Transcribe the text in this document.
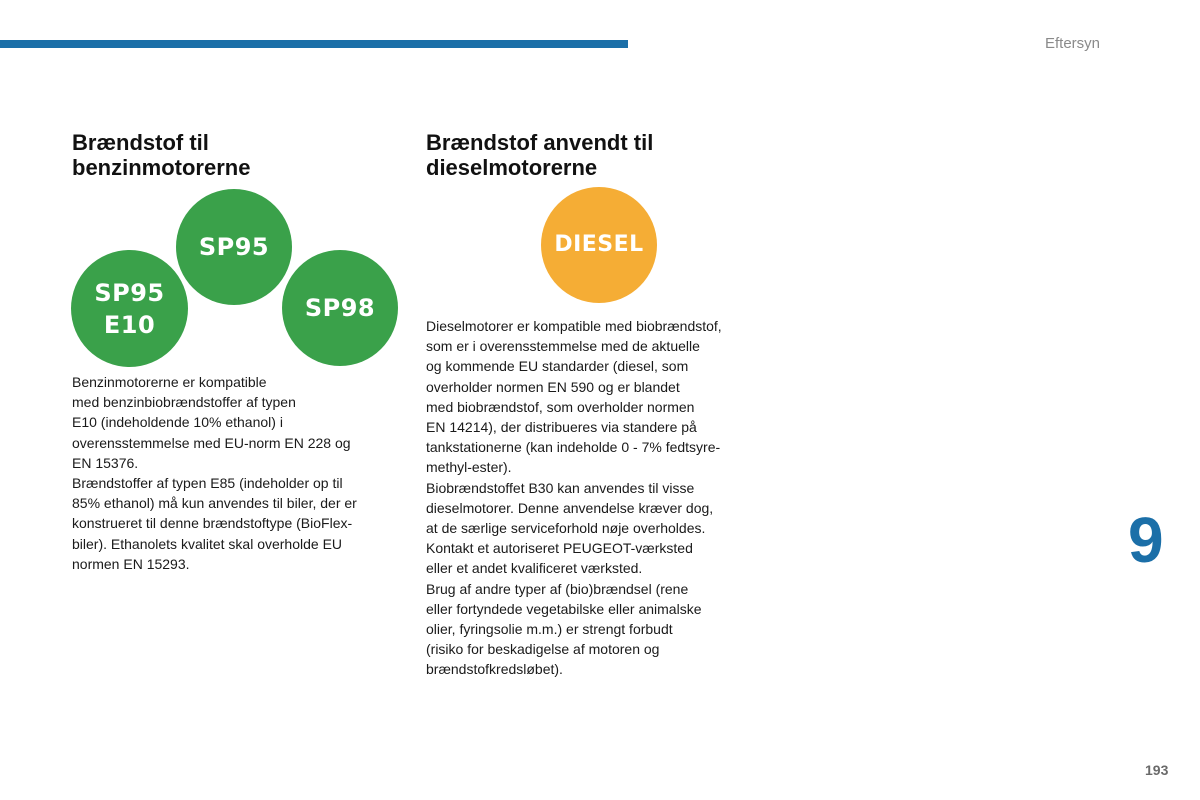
Eftersyn
Brændstof til
benzinmotorerne
SP95
SP95
E10
SP98
Benzinmotorerne er kompatible
med benzinbiobrændstoffer af typen
E10 (indeholdende 10% ethanol) i
overensstemmelse med EU-norm EN 228 og
EN 15376.
Brændstoffer af typen E85 (indeholder op til
85% ethanol) må kun anvendes til biler, der er
konstrueret til denne brændstoftype (BioFlex-
biler). Ethanolets kvalitet skal overholde EU
normen EN 15293.
Brændstof anvendt til
dieselmotorerne
DIESEL
Dieselmotorer er kompatible med biobrændstof,
som er i overensstemmelse med de aktuelle
og kommende EU standarder (diesel, som
overholder normen EN 590 og er blandet
med biobrændstof, som overholder normen
EN 14214), der distribueres via standere på
tankstationerne (kan indeholde 0 - 7% fedtsyre-
methyl-ester).
Biobrændstoffet B30 kan anvendes til visse
dieselmotorer. Denne anvendelse kræver dog,
at de særlige serviceforhold nøje overholdes.
Kontakt et autoriseret PEUGEOT-værksted
eller et andet kvalificeret værksted.
Brug af andre typer af (bio)brændsel (rene
eller fortyndede vegetabilske eller animalske
olier, fyringsolie m.m.) er strengt forbudt
(risiko for beskadigelse af motoren og
brændstofkredsløbet).
9
193
